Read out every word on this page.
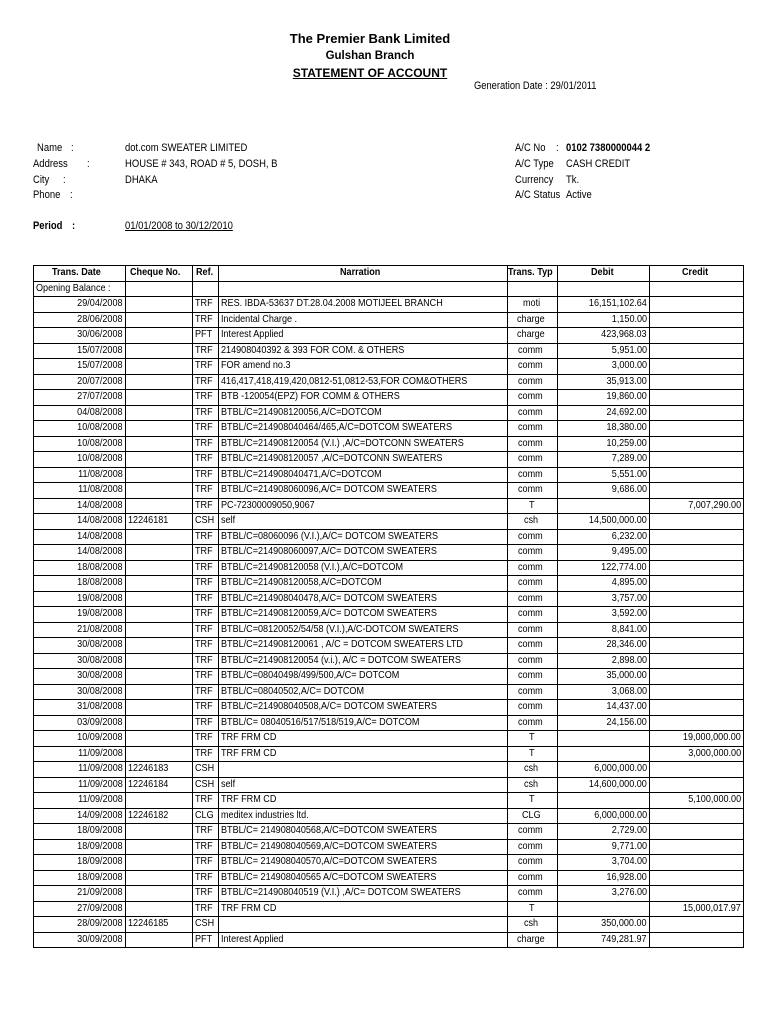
The Premier Bank Limited
Gulshan Branch
STATEMENT OF ACCOUNT
Generation Date : 29/01/2011
Name :	dot.com SWEATER LIMITED
Address :	HOUSE # 343, ROAD # 5, DOSH, B
City :	DHAKA
Phone :
Period :	01/01/2008 to 30/12/2010
A/C No : 0102 7380000044 2
A/C Type CASH CREDIT
Currency Tk.
A/C Status Active
Trans. Date	Cheque No.	Ref.	Narration	Trans. Typ	Debit	Credit
Opening Balance :						
29/04/2008		TRF	RES. IBDA-53637 DT.28.04.2008 MOTIJEEL BRANCH	moti	16,151,102.64	
28/06/2008		TRF	Incidental Charge .	charge	1,150.00	
30/06/2008		PFT	Interest Applied	charge	423,968.03	
15/07/2008		TRF	214908040392 & 393 FOR COM. & OTHERS	comm	5,951.00	
15/07/2008		TRF	FOR amend no.3	comm	3,000.00	
20/07/2008		TRF	416,417,418,419,420,0812-51,0812-53,FOR COM&OTHERS	comm	35,913.00	
27/07/2008		TRF	BTB -120054(EPZ) FOR COMM & OTHERS	comm	19,860.00	
04/08/2008		TRF	BTBL/C=214908120056,A/C=DOTCOM	comm	24,692.00	
10/08/2008		TRF	BTBL/C=214908040464/465,A/C=DOTCOM SWEATERS	comm	18,380.00	
10/08/2008		TRF	BTBL/C=214908120054 (V.I.) ,A/C=DOTCONN SWEATERS	comm	10,259.00	
10/08/2008		TRF	BTBL/C=214908120057 ,A/C=DOTCONN SWEATERS	comm	7,289.00	
11/08/2008		TRF	BTBL/C=214908040471,A/C=DOTCOM	comm	5,551.00	
11/08/2008		TRF	BTBL/C=214908060096,A/C= DOTCOM SWEATERS	comm	9,686.00	
14/08/2008		TRF	PC-72300009050,9067	T		7,007,290.00
14/08/2008	12246181	CSH	self	csh	14,500,000.00	
14/08/2008		TRF	BTBL/C=08060096 (V.I.),A/C= DOTCOM SWEATERS	comm	6,232.00	
14/08/2008		TRF	BTBL/C=214908060097,A/C= DOTCOM SWEATERS	comm	9,495.00	
18/08/2008		TRF	BTBL/C=214908120058 (V.I.),A/C=DOTCOM	comm	122,774.00	
18/08/2008		TRF	BTBL/C=214908120058,A/C=DOTCOM	comm	4,895.00	
19/08/2008		TRF	BTBL/C=214908040478,A/C= DOTCOM SWEATERS	comm	3,757.00	
19/08/2008		TRF	BTBL/C=214908120059,A/C= DOTCOM SWEATERS	comm	3,592.00	
21/08/2008		TRF	BTBL/C=08120052/54/58 (V.I.),A/C-DOTCOM SWEATERS	comm	8,841.00	
30/08/2008		TRF	BTBL/C=214908120061 , A/C = DOTCOM SWEATERS LTD	comm	28,346.00	
30/08/2008		TRF	BTBL/C=214908120054 (v.i.), A/C = DOTCOM SWEATERS	comm	2,898.00	
30/08/2008		TRF	BTBL/C=08040498/499/500,A/C= DOTCOM	comm	35,000.00	
30/08/2008		TRF	BTBL/C=08040502,A/C= DOTCOM	comm	3,068.00	
31/08/2008		TRF	BTBL/C=214908040508,A/C= DOTCOM SWEATERS	comm	14,437.00	
03/09/2008		TRF	BTBL/C= 08040516/517/518/519,A/C= DOTCOM	comm	24,156.00	
10/09/2008		TRF	TRF FRM CD	T		19,000,000.00
11/09/2008		TRF	TRF FRM CD	T		3,000,000.00
11/09/2008	12246183	CSH		csh	6,000,000.00	
11/09/2008	12246184	CSH	self	csh	14,600,000.00	
11/09/2008		TRF	TRF FRM CD	T		5,100,000.00
14/09/2008	12246182	CLG	meditex industries ltd.	CLG	6,000,000.00	
18/09/2008		TRF	BTBL/C= 214908040568,A/C=DOTCOM SWEATERS	comm	2,729.00	
18/09/2008		TRF	BTBL/C= 214908040569,A/C=DOTCOM SWEATERS	comm	9,771.00	
18/09/2008		TRF	BTBL/C= 214908040570,A/C=DOTCOM SWEATERS	comm	3,704.00	
18/09/2008		TRF	BTBL/C= 214908040565 A/C=DOTCOM SWEATERS	comm	16,928.00	
21/09/2008		TRF	BTBL/C=214908040519 (V.I.) ,A/C= DOTCOM SWEATERS	comm	3,276.00	
27/09/2008		TRF	TRF FRM CD	T		15,000,017.97
28/09/2008	12246185	CSH		csh	350,000.00	
30/09/2008		PFT	Interest Applied	charge	749,281.97	
